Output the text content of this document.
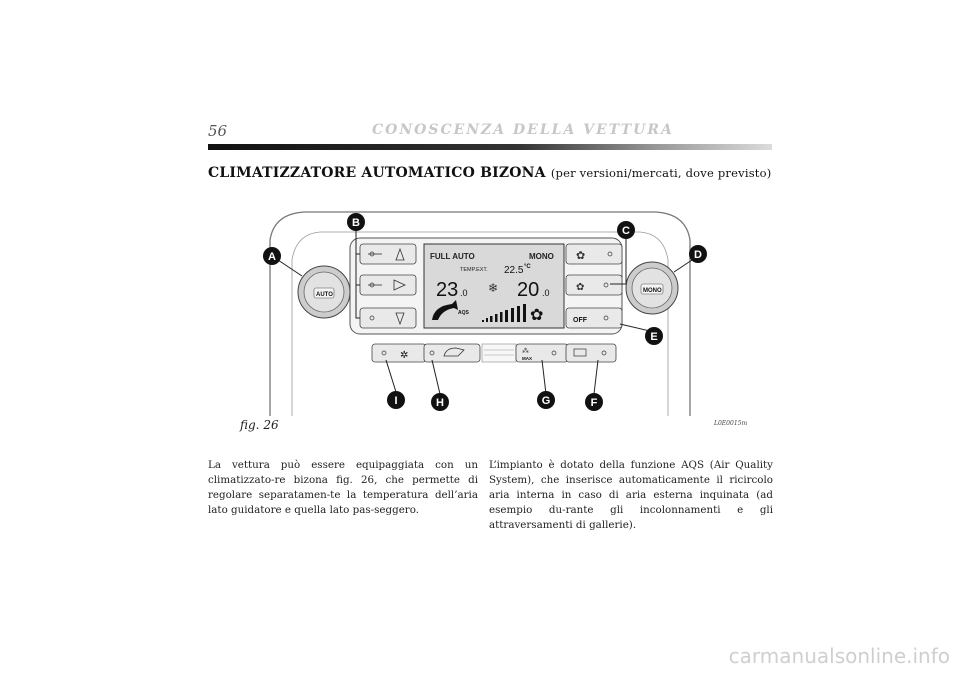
56	CONOSCENZA DELLA VETTURA
CLIMATIZZATORE AUTOMATICO BIZONA (per versioni/mercati, dove previsto)
FULL AUTO	MONO
TEMP.EXT. 22.5 °C
23 .0 ❄ 20 .0
AQS	✿
✿
✿
OFF
AUTO
MONO
✲	⁂
MAX
A
B
C
D
E
F
G
H
I
fig. 26	L0E0015m
La vettura può essere equipaggiata con un climatizzato-re bizona fig. 26, che permette di regolare separatamen-te la temperatura dell’aria lato guidatore e quella lato pas-seggero.
L’impianto è dotato della funzione AQS (Air Quality System), che inserisce automaticamente il ricircolo aria interna in caso di aria esterna inquinata (ad esempio du-rante gli incolonnamenti e gli attraversamenti di gallerie).
carmanualsonline.info
